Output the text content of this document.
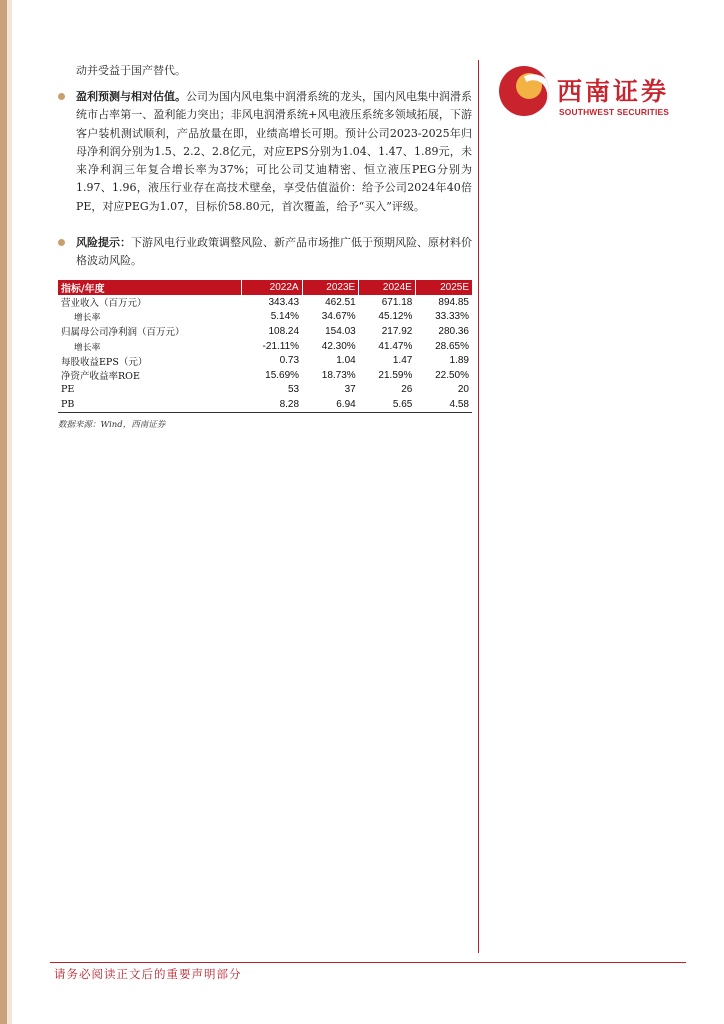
西南证券
SOUTHWEST SECURITIES
动并受益于国产替代。
盈利预测与相对估值。公司为国内风电集中润滑系统的龙头，国内风电集中润滑系统市占率第一、盈利能力突出；非风电润滑系统+风电液压系统多领域拓展，下游客户装机测试顺利，产品放量在即，业绩高增长可期。预计公司2023-2025年归母净利润分别为1.5、2.2、2.8亿元，对应EPS分别为1.04、1.47、1.89元，未来净利润三年复合增长率为37%；可比公司艾迪精密、恒立液压PEG分别为1.97、1.96，液压行业存在高技术壁垒，享受估值溢价：给予公司2024年40倍PE，对应PEG为1.07，目标价58.80元，首次覆盖，给予“买入”评级。
风险提示：下游风电行业政策调整风险、新产品市场推广低于预期风险、原材料价格波动风险。
指标/年度	2022A	2023E	2024E	2025E
营业收入（百万元）	343.43	462.51	671.18	894.85
增长率	5.14%	34.67%	45.12%	33.33%
归属母公司净利润（百万元）	108.24	154.03	217.92	280.36
增长率	-21.11%	42.30%	41.47%	28.65%
每股收益EPS（元）	0.73	1.04	1.47	1.89
净资产收益率ROE	15.69%	18.73%	21.59%	22.50%
PE	53	37	26	20
PB	8.28	6.94	5.65	4.58
数据来源：Wind，西南证券
请务必阅读正文后的重要声明部分
